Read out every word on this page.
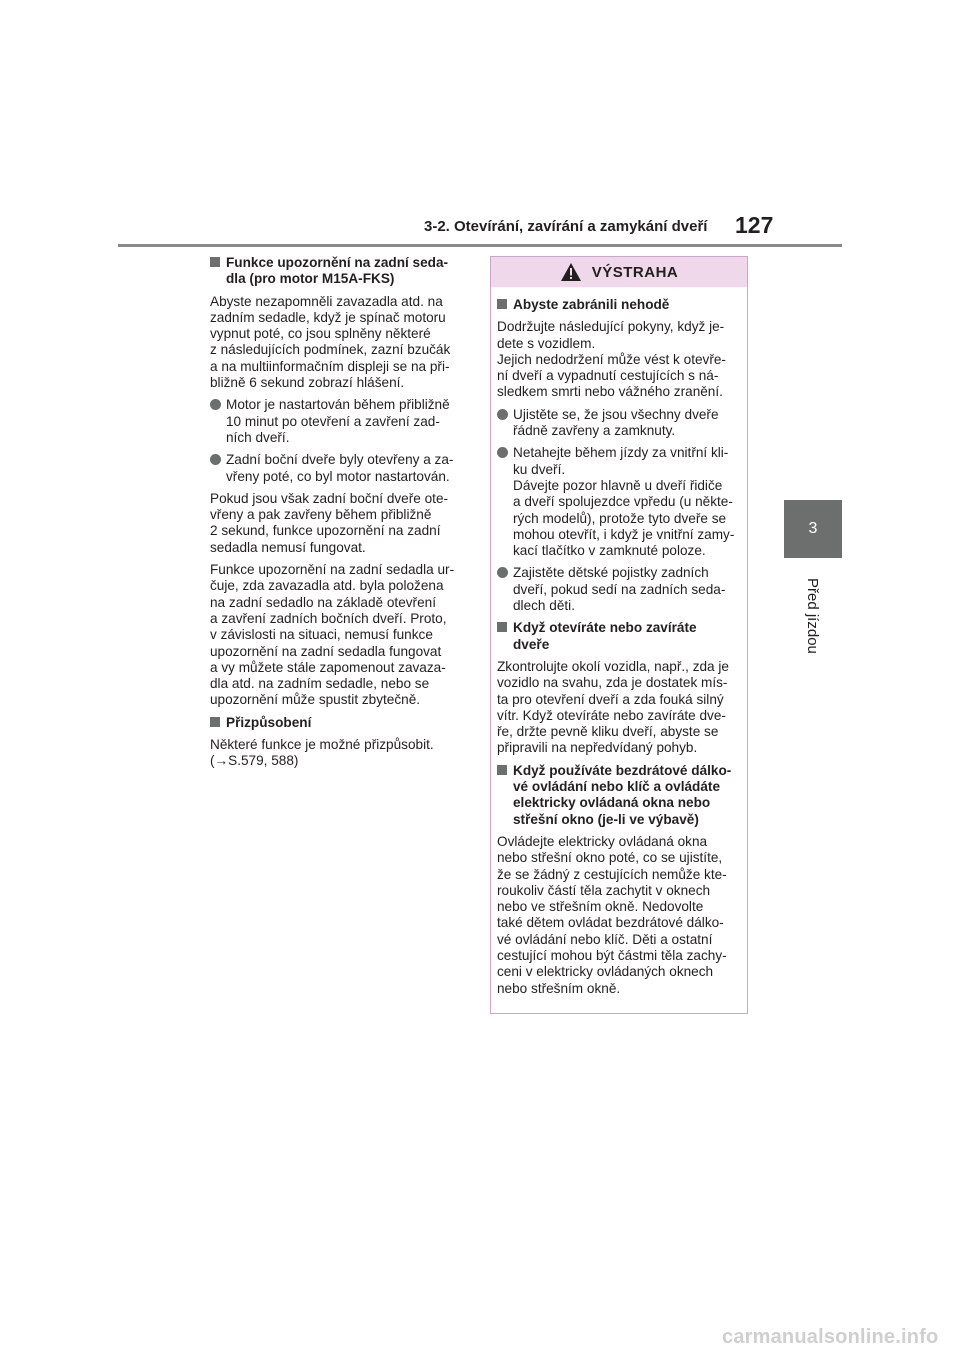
3-2. Otevírání, zavírání a zamykání dveří 127
3
Před jízdou

Funkce upozornění na zadní seda-
dla (pro motor M15A-FKS)

Abyste nezapomněli zavazadla atd. na
zadním sedadle, když je spínač motoru
vypnut poté, co jsou splněny některé
z následujících podmínek, zazní bzučák
a na multiinformačním displeji se na při-
bližně 6 sekund zobrazí hlášení.

Motor je nastartován během přibližně
10 minut po otevření a zavření zad-
ních dveří.

Zadní boční dveře byly otevřeny a za-
vřeny poté, co byl motor nastartován.

Pokud jsou však zadní boční dveře ote-
vřeny a pak zavřeny během přibližně
2 sekund, funkce upozornění na zadní
sedadla nemusí fungovat.

Funkce upozornění na zadní sedadla ur-
čuje, zda zavazadla atd. byla položena
na zadní sedadlo na základě otevření
a zavření zadních bočních dveří. Proto,
v závislosti na situaci, nemusí funkce
upozornění na zadní sedadla fungovat
a vy můžete stále zapomenout zavaza-
dla atd. na zadním sedadle, nebo se
upozornění může spustit zbytečně.

Přizpůsobení

Některé funkce je možné přizpůsobit.
(→S.579, 588)

VÝSTRAHA

Abyste zabránili nehodě

Dodržujte následující pokyny, když je-
dete s vozidlem.
Jejich nedodržení může vést k otevře-
ní dveří a vypadnutí cestujících s ná-
sledkem smrti nebo vážného zranění.

Ujistěte se, že jsou všechny dveře
řádně zavřeny a zamknuty.

Netahejte během jízdy za vnitřní kli-
ku dveří.
Dávejte pozor hlavně u dveří řidiče
a dveří spolujezdce vpředu (u někte-
rých modelů), protože tyto dveře se
mohou otevřít, i když je vnitřní zamy-
kací tlačítko v zamknuté poloze.

Zajistěte dětské pojistky zadních
dveří, pokud sedí na zadních seda-
dlech děti.

Když otevíráte nebo zavíráte
dveře

Zkontrolujte okolí vozidla, např., zda je
vozidlo na svahu, zda je dostatek mís-
ta pro otevření dveří a zda fouká silný
vítr. Když otevíráte nebo zavíráte dve-
ře, držte pevně kliku dveří, abyste se
připravili na nepředvídaný pohyb.

Když používáte bezdrátové dálko-
vé ovládání nebo klíč a ovládáte
elektricky ovládaná okna nebo
střešní okno (je-li ve výbavě)

Ovládejte elektricky ovládaná okna
nebo střešní okno poté, co se ujistíte,
že se žádný z cestujících nemůže kte-
roukoliv částí těla zachytit v oknech
nebo ve střešním okně. Nedovolte
také dětem ovládat bezdrátové dálko-
vé ovládání nebo klíč. Děti a ostatní
cestující mohou být částmi těla zachy-
ceni v elektricky ovládaných oknech
nebo střešním okně.

carmanualsonline.info
